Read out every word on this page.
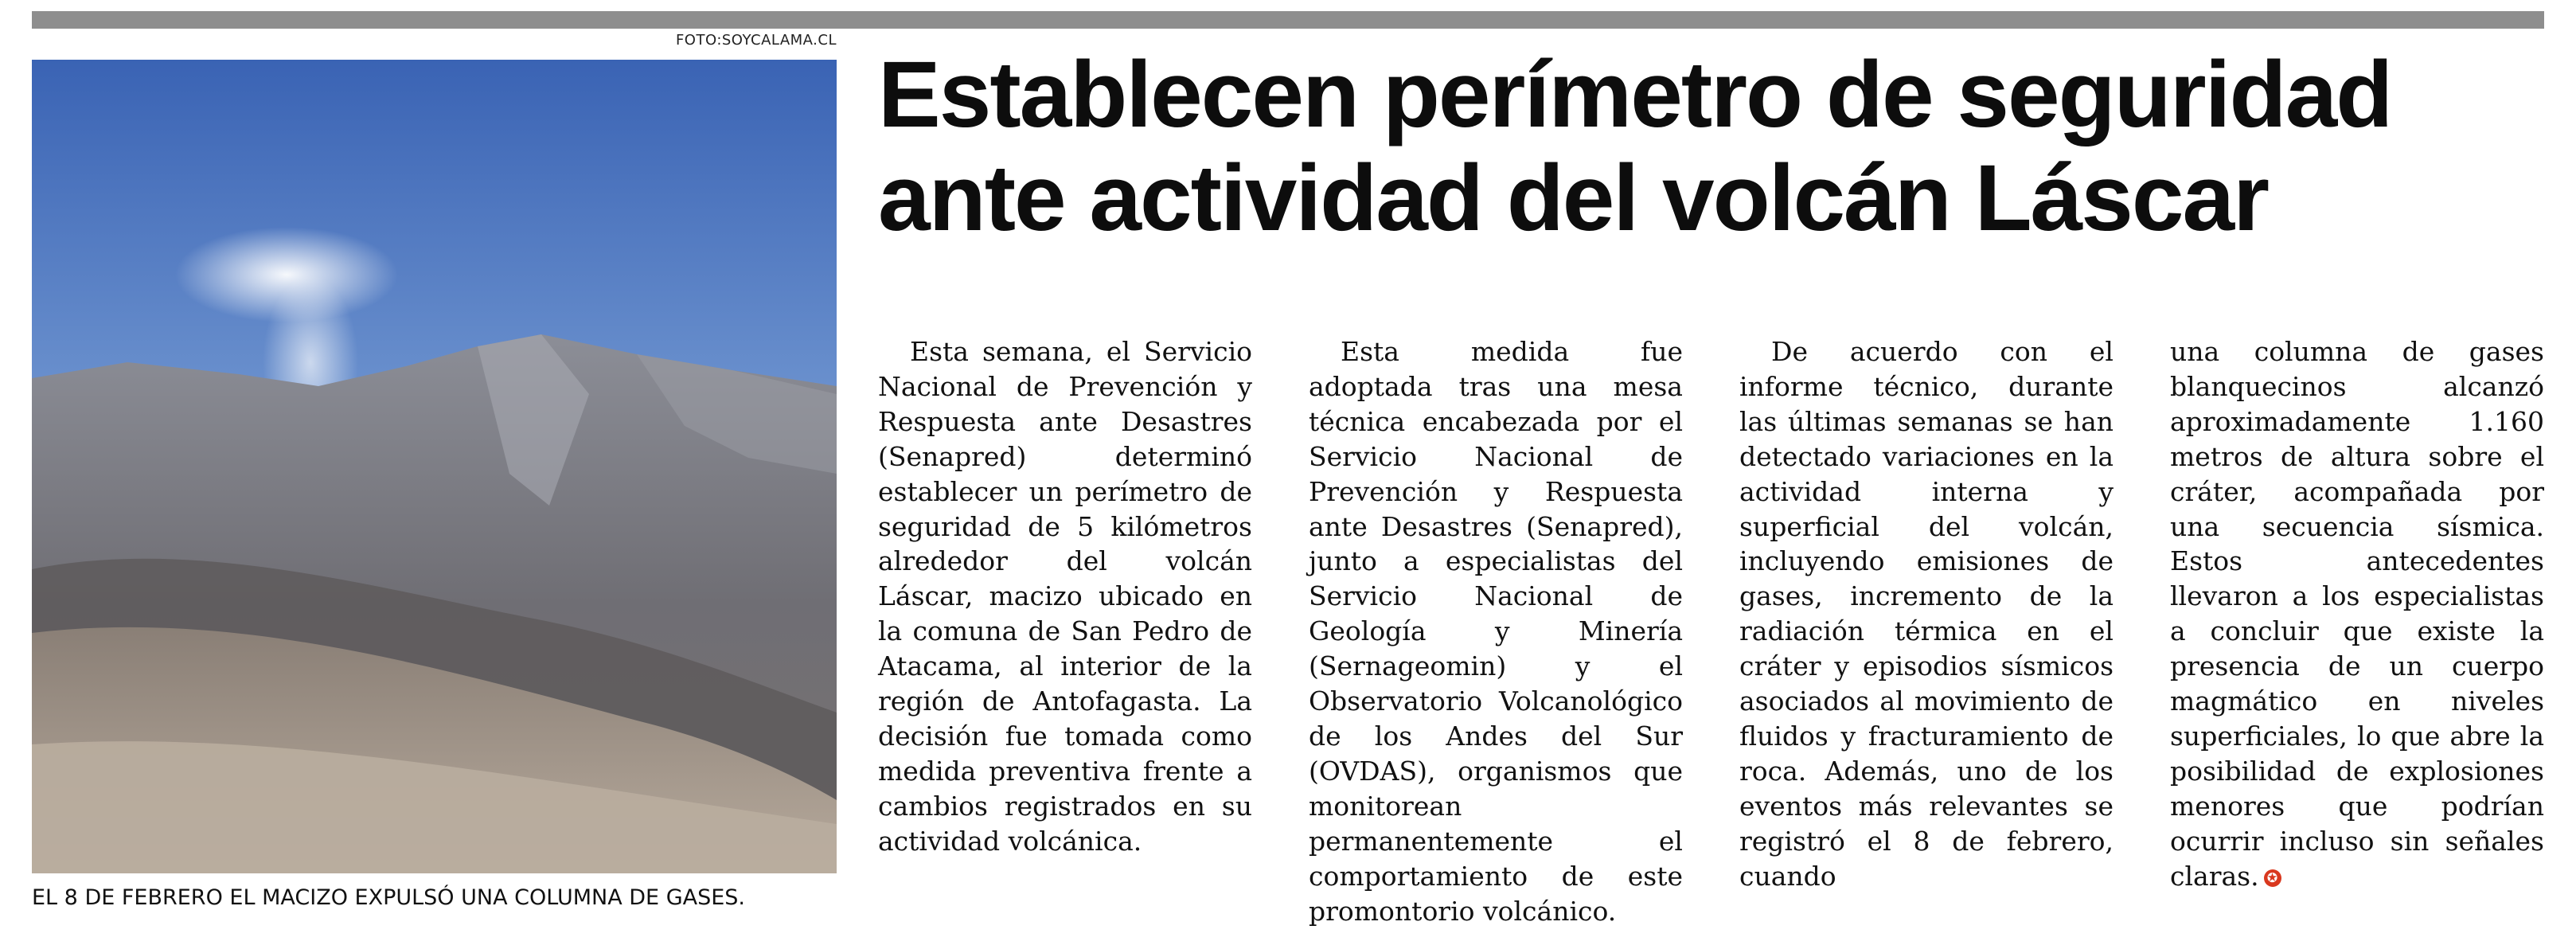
FOTO:SOYCALAMA.CL
EL 8 DE FEBRERO EL MACIZO EXPULSÓ UNA COLUMNA DE GASES.
Establecen perímetro de seguridad ante actividad del volcán Láscar

Esta semana, el Servicio Nacional de Prevención y Respuesta ante Desastres (Senapred) determinó establecer un perímetro de seguridad de 5 kilómetros alrededor del volcán Láscar, macizo ubicado en la comuna de San Pedro de Atacama, al interior de la región de Antofagasta. La decisión fue tomada como medida preventiva frente a cambios registrados en su actividad volcánica.

Esta medida fue adoptada tras una mesa técnica encabezada por el Servicio Nacional de Prevención y Respuesta ante Desastres (Senapred), junto a especialistas del Servicio Nacional de Geología y Minería (Sernageomin) y el Observatorio Volcanológico de los Andes del Sur (OVDAS), organismos que monitorean permanentemente el comportamiento de este promontorio volcánico.

De acuerdo con el informe técnico, durante las últimas semanas se han detectado variaciones en la actividad interna y superficial del volcán, incluyendo emisiones de gases, incremento de la radiación térmica en el cráter y episodios sísmicos asociados al movimiento de fluidos y fracturamiento de roca. Además, uno de los eventos más relevantes se registró el 8 de febrero, cuando

una columna de gases blanquecinos alcanzó aproximadamente 1.160 metros de altura sobre el cráter, acompañada por una secuencia sísmica. Estos antecedentes llevaron a los especialistas a concluir que existe la presencia de un cuerpo magmático en niveles superficiales, lo que abre la posibilidad de explosiones menores que podrían ocurrir incluso sin señales claras. ✪
